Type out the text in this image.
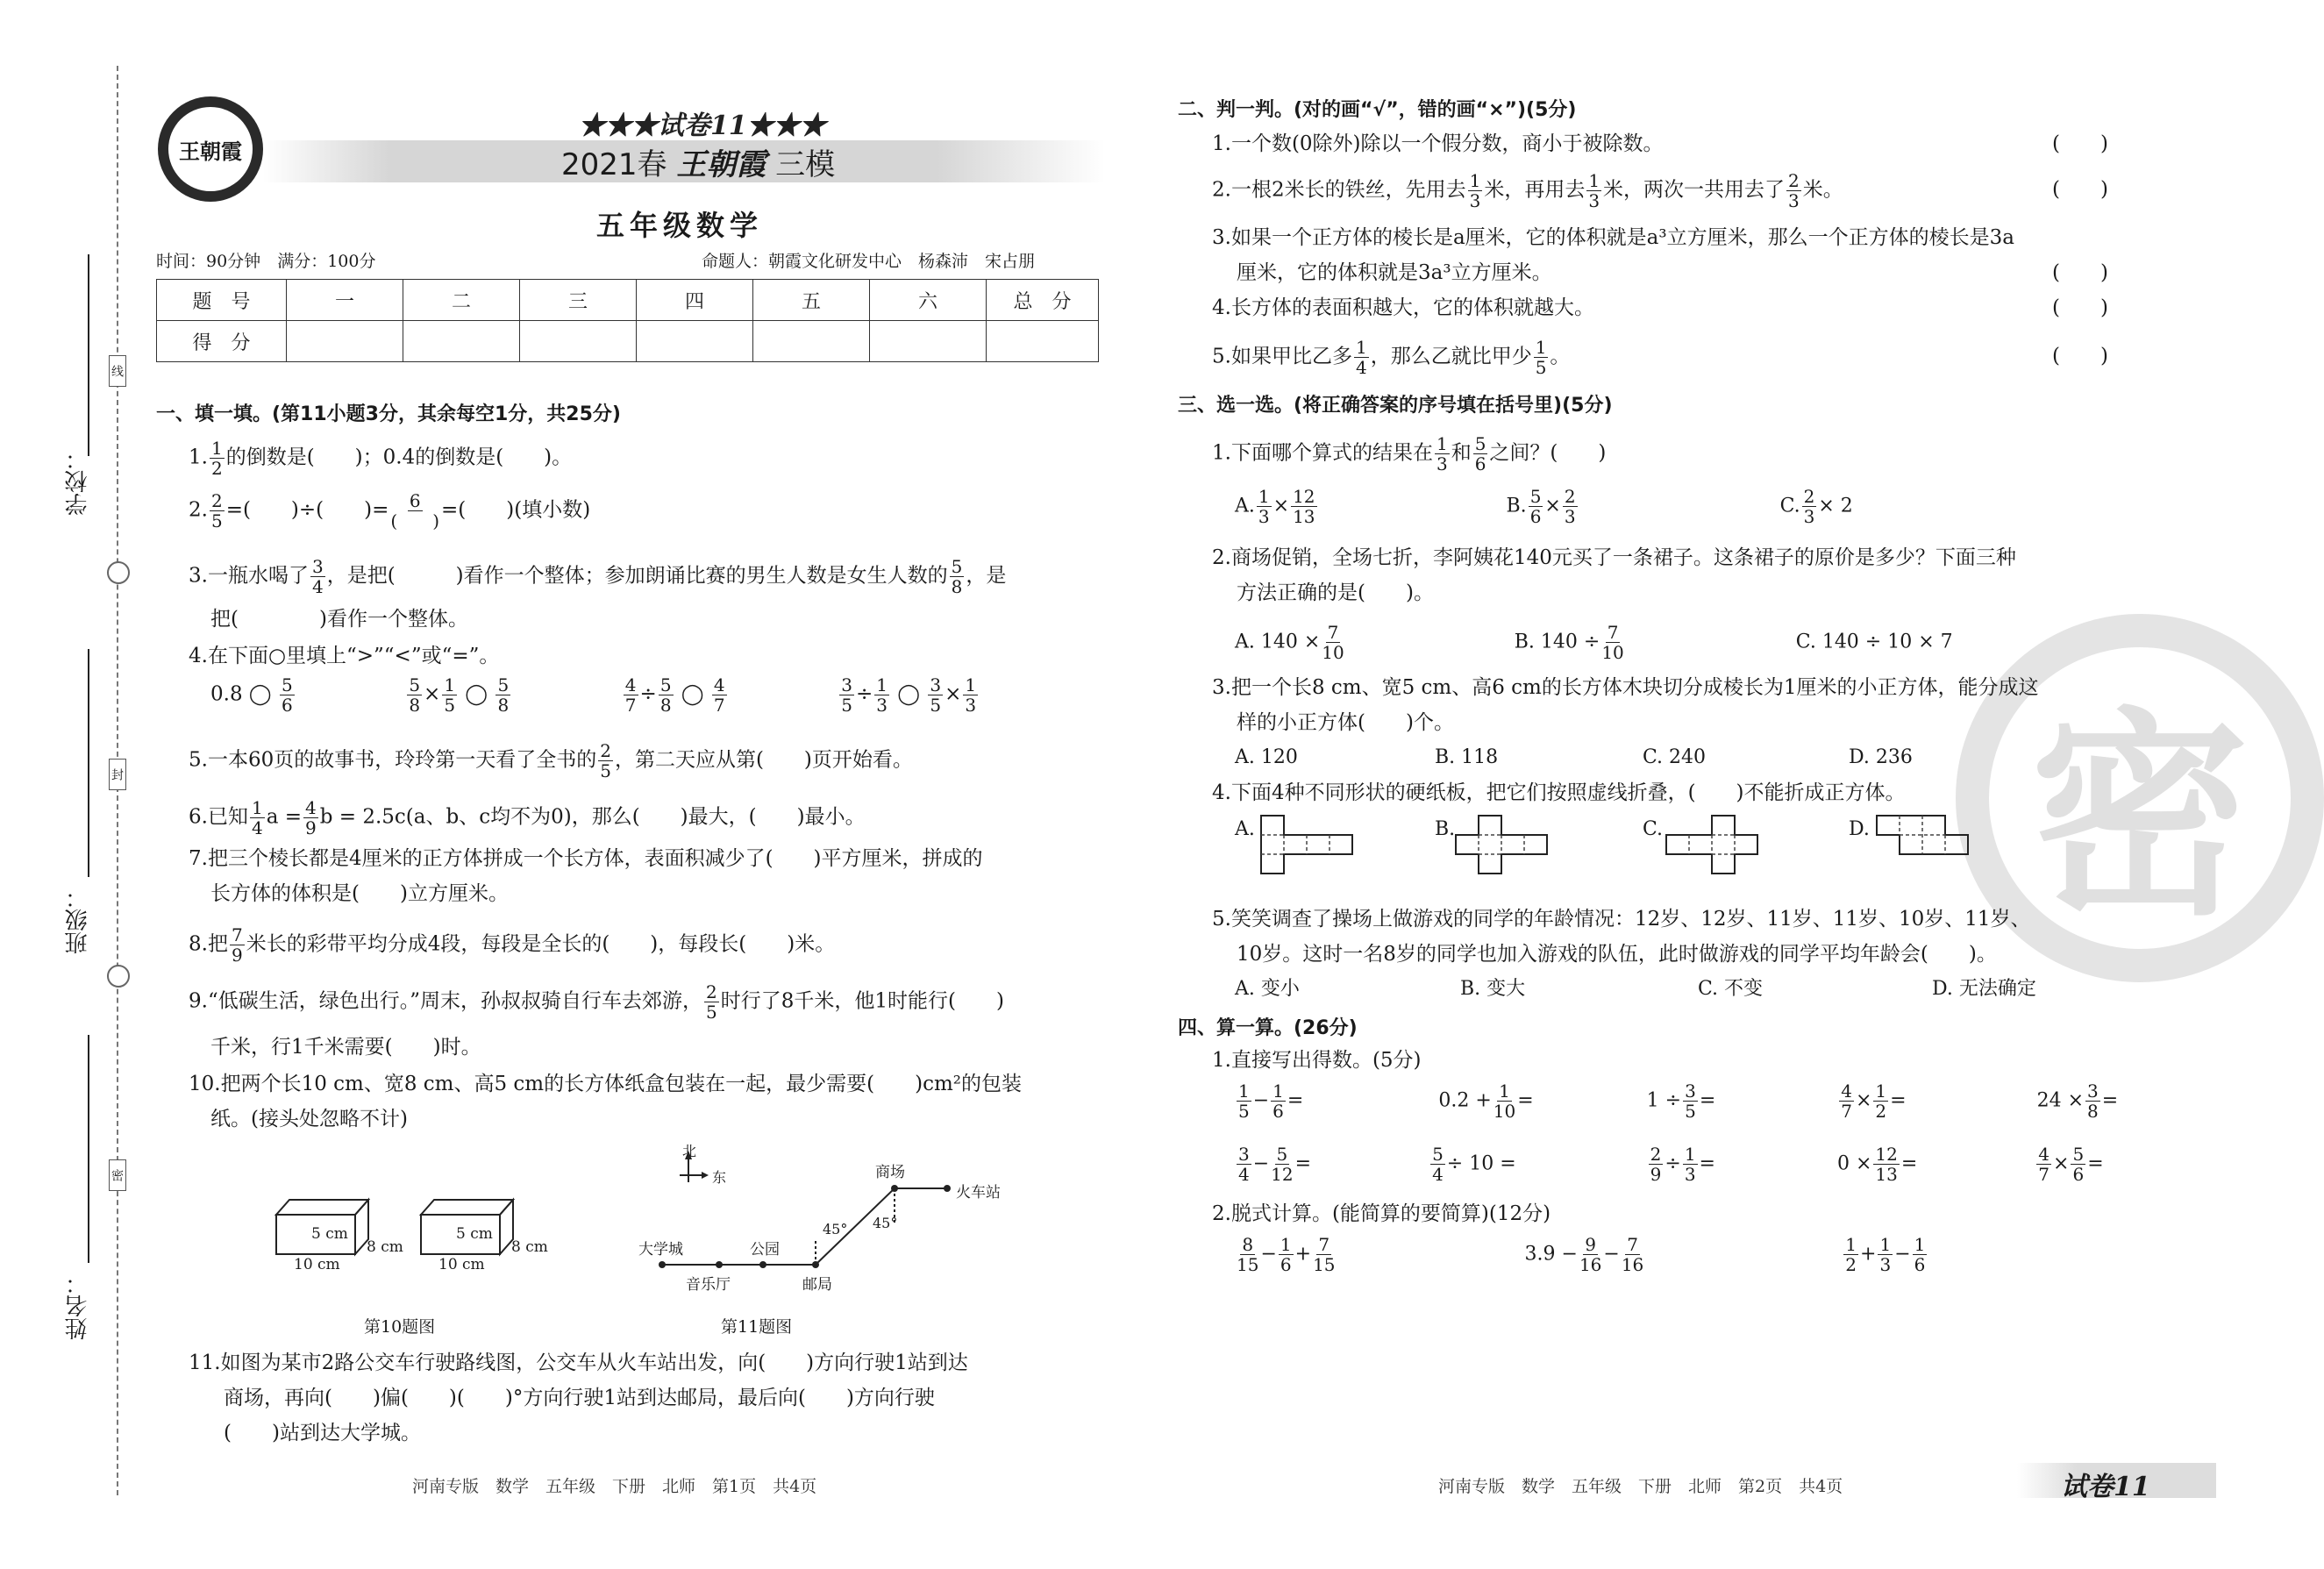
密
学校：
班级：
姓名：
线
封
密
王朝霞
★★★试卷11★★★
2021春 王朝霞 三模
五年级数学
时间：90分钟　 满分：100分	命题人：朝霞文化研发中心　杨森沛　宋占朋
题　号	一	二	三	四	五	六	总　分
得　分							
一、填一填。(第11小题3分，其余每空1分，共25分)
1. $\frac{1}{2}$ 的倒数是(　　)；0.4的倒数是(　　)。
2. $\frac{2}{5}$ =(　　)÷(　　)= $\frac{6}{( )}$ =(　　)(填小数)
3.一瓶水喝了 $\frac{3}{4}$ ，是把(　　　)看作一个整体；参加朗诵比赛的男生人数是女生人数的 $\frac{5}{8}$ ，是
把(　　　　)看作一个整体。
4.在下面○里填上“>”“<”或“=”。
0.8 ◯ $\frac{5}{6}$
	$\frac{5}{8} \times \frac{1}{5}$ ◯ $\frac{5}{8}$
	$\frac{4}{7} \div \frac{5}{8}$ ◯ $\frac{4}{7}$
	$\frac{3}{5} \div \frac{1}{3}$ ◯ $\frac{3}{5} \times \frac{1}{3}$
5.一本60页的故事书，玲玲第一天看了全书的 $\frac{2}{5}$ ，第二天应从第(　　)页开始看。
6.已知 $\frac{1}{4}$ $a = \frac{4}{9}$ b = 2.5c(a、b、c均不为0)，那么(　　)最大，(　　)最小。
7.把三个棱长都是4厘米的正方体拼成一个长方体，表面积减少了(　　)平方厘米，拼成的
长方体的体积是(　　)立方厘米。
8.把 $\frac{7}{9}$ 米长的彩带平均分成4段，每段是全长的(　　)，每段长(　　)米。
9.“低碳生活，绿色出行。”周末，孙叔叔骑自行车去郊游， $\frac{2}{5}$ 时行了8千米，他1时能行(　　)
千米，行1千米需要(　　)时。
10.把两个长10 cm、宽8 cm、高5 cm的长方体纸盒包装在一起，最少需要(　　)cm²的包装
纸。(接头处忽略不计)
5 cm
8 cm
10 cm
5 cm
8 cm
10 cm
第10题图
北
东	商场
火车站
大学城	公园
音乐厅	邮局
45° 45°
第11题图
11.如图为某市2路公交车行驶路线图，公交车从火车站出发，向(　　)方向行驶1站到达
商场，再向(　　)偏(　　)(　　)°方向行驶1站到达邮局，最后向(　　)方向行驶
(　　)站到达大学城。
河南专版　数学　五年级　下册　北师　第1页　共4页
二、判一判。(对的画“√”，错的画“×”)(5分)
1.一个数(0除外)除以一个假分数，商小于被除数。
2.一根2米长的铁丝，先用去 $\frac{1}{3}$ 米，再用去 $\frac{1}{3}$ 米，两次一共用去了 $\frac{2}{3}$ 米。
3.如果一个正方体的棱长是a厘米，它的体积就是a³立方厘米，那么一个正方体的棱长是3a
厘米，它的体积就是3a³立方厘米。
4.长方体的表面积越大，它的体积就越大。
5.如果甲比乙多 $\frac{1}{4}$ ，那么乙就比甲少 $\frac{1}{5}$ 。
(　　)
(　　)
(　　)
(　　)
(　　)
三、选一选。(将正确答案的序号填在括号里)(5分)
1.下面哪个算式的结果在 $\frac{1}{3}$ 和 $\frac{5}{6}$ 之间？(　　)
A. $\frac{1}{3} \times \frac{12}{13}$	B. $\frac{5}{6} \times \frac{2}{3}$	C. $\frac{2}{3} \times 2$
2.商场促销，全场七折，李阿姨花140元买了一条裙子。这条裙子的原价是多少？下面三种
方法正确的是(　　)。
A. $140 \times \frac{7}{10}$	B. $140 \div \frac{7}{10}$	C. 140 ÷ 10 × 7
3.把一个长8 cm、宽5 cm、高6 cm的长方体木块切分成棱长为1厘米的小正方体，能分成这
样的小正方体(　　)个。
A. 120	B. 118	C. 240	D. 236
4.下面4种不同形状的硬纸板，把它们按照虚线折叠，(　　)不能折成正方体。
A.	B.	C.	D.
5.笑笑调查了操场上做游戏的同学的年龄情况：12岁、12岁、11岁、11岁、10岁、11岁、
10岁。这时一名8岁的同学也加入游戏的队伍，此时做游戏的同学平均年龄会(　　)。
A. 变小	B. 变大	C. 不变	D. 无法确定
四、算一算。(26分)
1.直接写出得数。(5分)
$\frac{1}{5} - \frac{1}{6}$ =	$0.2 + \frac{1}{10}$ =	$1 \div \frac{3}{5}$ =	$\frac{4}{7} \times \frac{1}{2}$ =	$24 \times \frac{3}{8}$ =
$\frac{3}{4} - \frac{5}{12}$ =	$\frac{5}{4} \div 10$ =	$\frac{2}{9} \div \frac{1}{3}$ =	$0 \times \frac{12}{13}$ =	$\frac{4}{7} \times \frac{5}{6}$ =
2.脱式计算。(能简算的要简算)(12分)
$\frac{8}{15} - \frac{1}{6} + \frac{7}{15}$	$3.9 - \frac{9}{16} - \frac{7}{16}$
	$\frac{1}{2} + \frac{1}{3} - \frac{1}{6}$
河南专版　数学　五年级　下册　北师　第2页　共4页	试卷11
